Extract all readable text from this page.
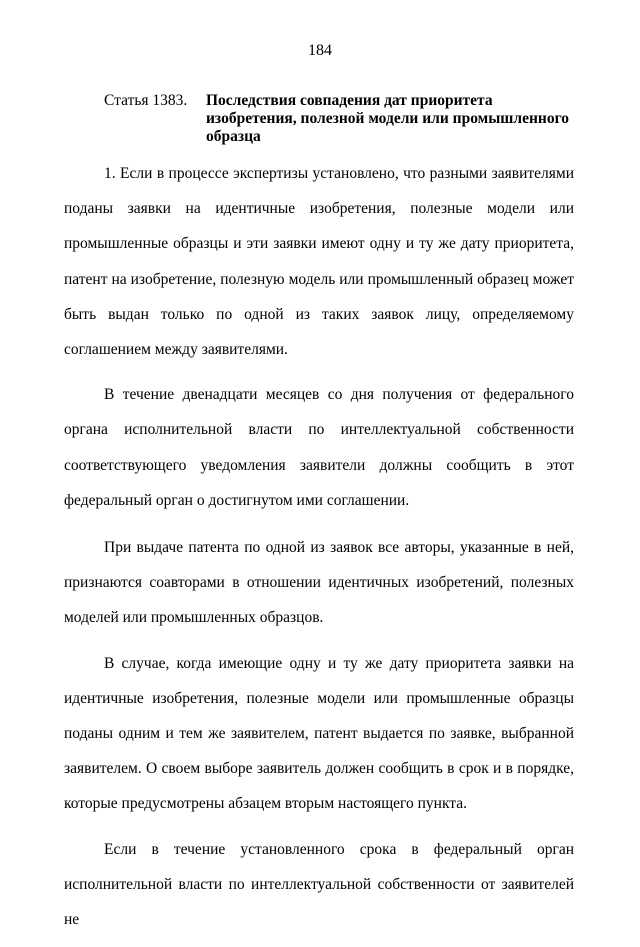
184
Статья 1383.	Последствия совпадения дат приоритета изобретения, полезной модели или промышленного образца

1. Если в процессе экспертизы установлено, что разными заявителями поданы заявки на идентичные изобретения, полезные модели или промышленные образцы и эти заявки имеют одну и ту же дату приоритета, патент на изобретение, полезную модель или промышленный образец может быть выдан только по одной из таких заявок лицу, определяемому соглашением между заявителями.

В течение двенадцати месяцев со дня получения от федерального органа исполнительной власти по интеллектуальной собственности соответствующего уведомления заявители должны сообщить в этот федеральный орган о достигнутом ими соглашении.

При выдаче патента по одной из заявок все авторы, указанные в ней, признаются соавторами в отношении идентичных изобретений, полезных моделей или промышленных образцов.

В случае, когда имеющие одну и ту же дату приоритета заявки на идентичные изобретения, полезные модели или промышленные образцы поданы одним и тем же заявителем, патент выдается по заявке, выбранной заявителем. О своем выборе заявитель должен сообщить в срок и в порядке, которые предусмотрены абзацем вторым настоящего пункта.

Если в течение установленного срока в федеральный орган исполнительной власти по интеллектуальной собственности от заявителей не
